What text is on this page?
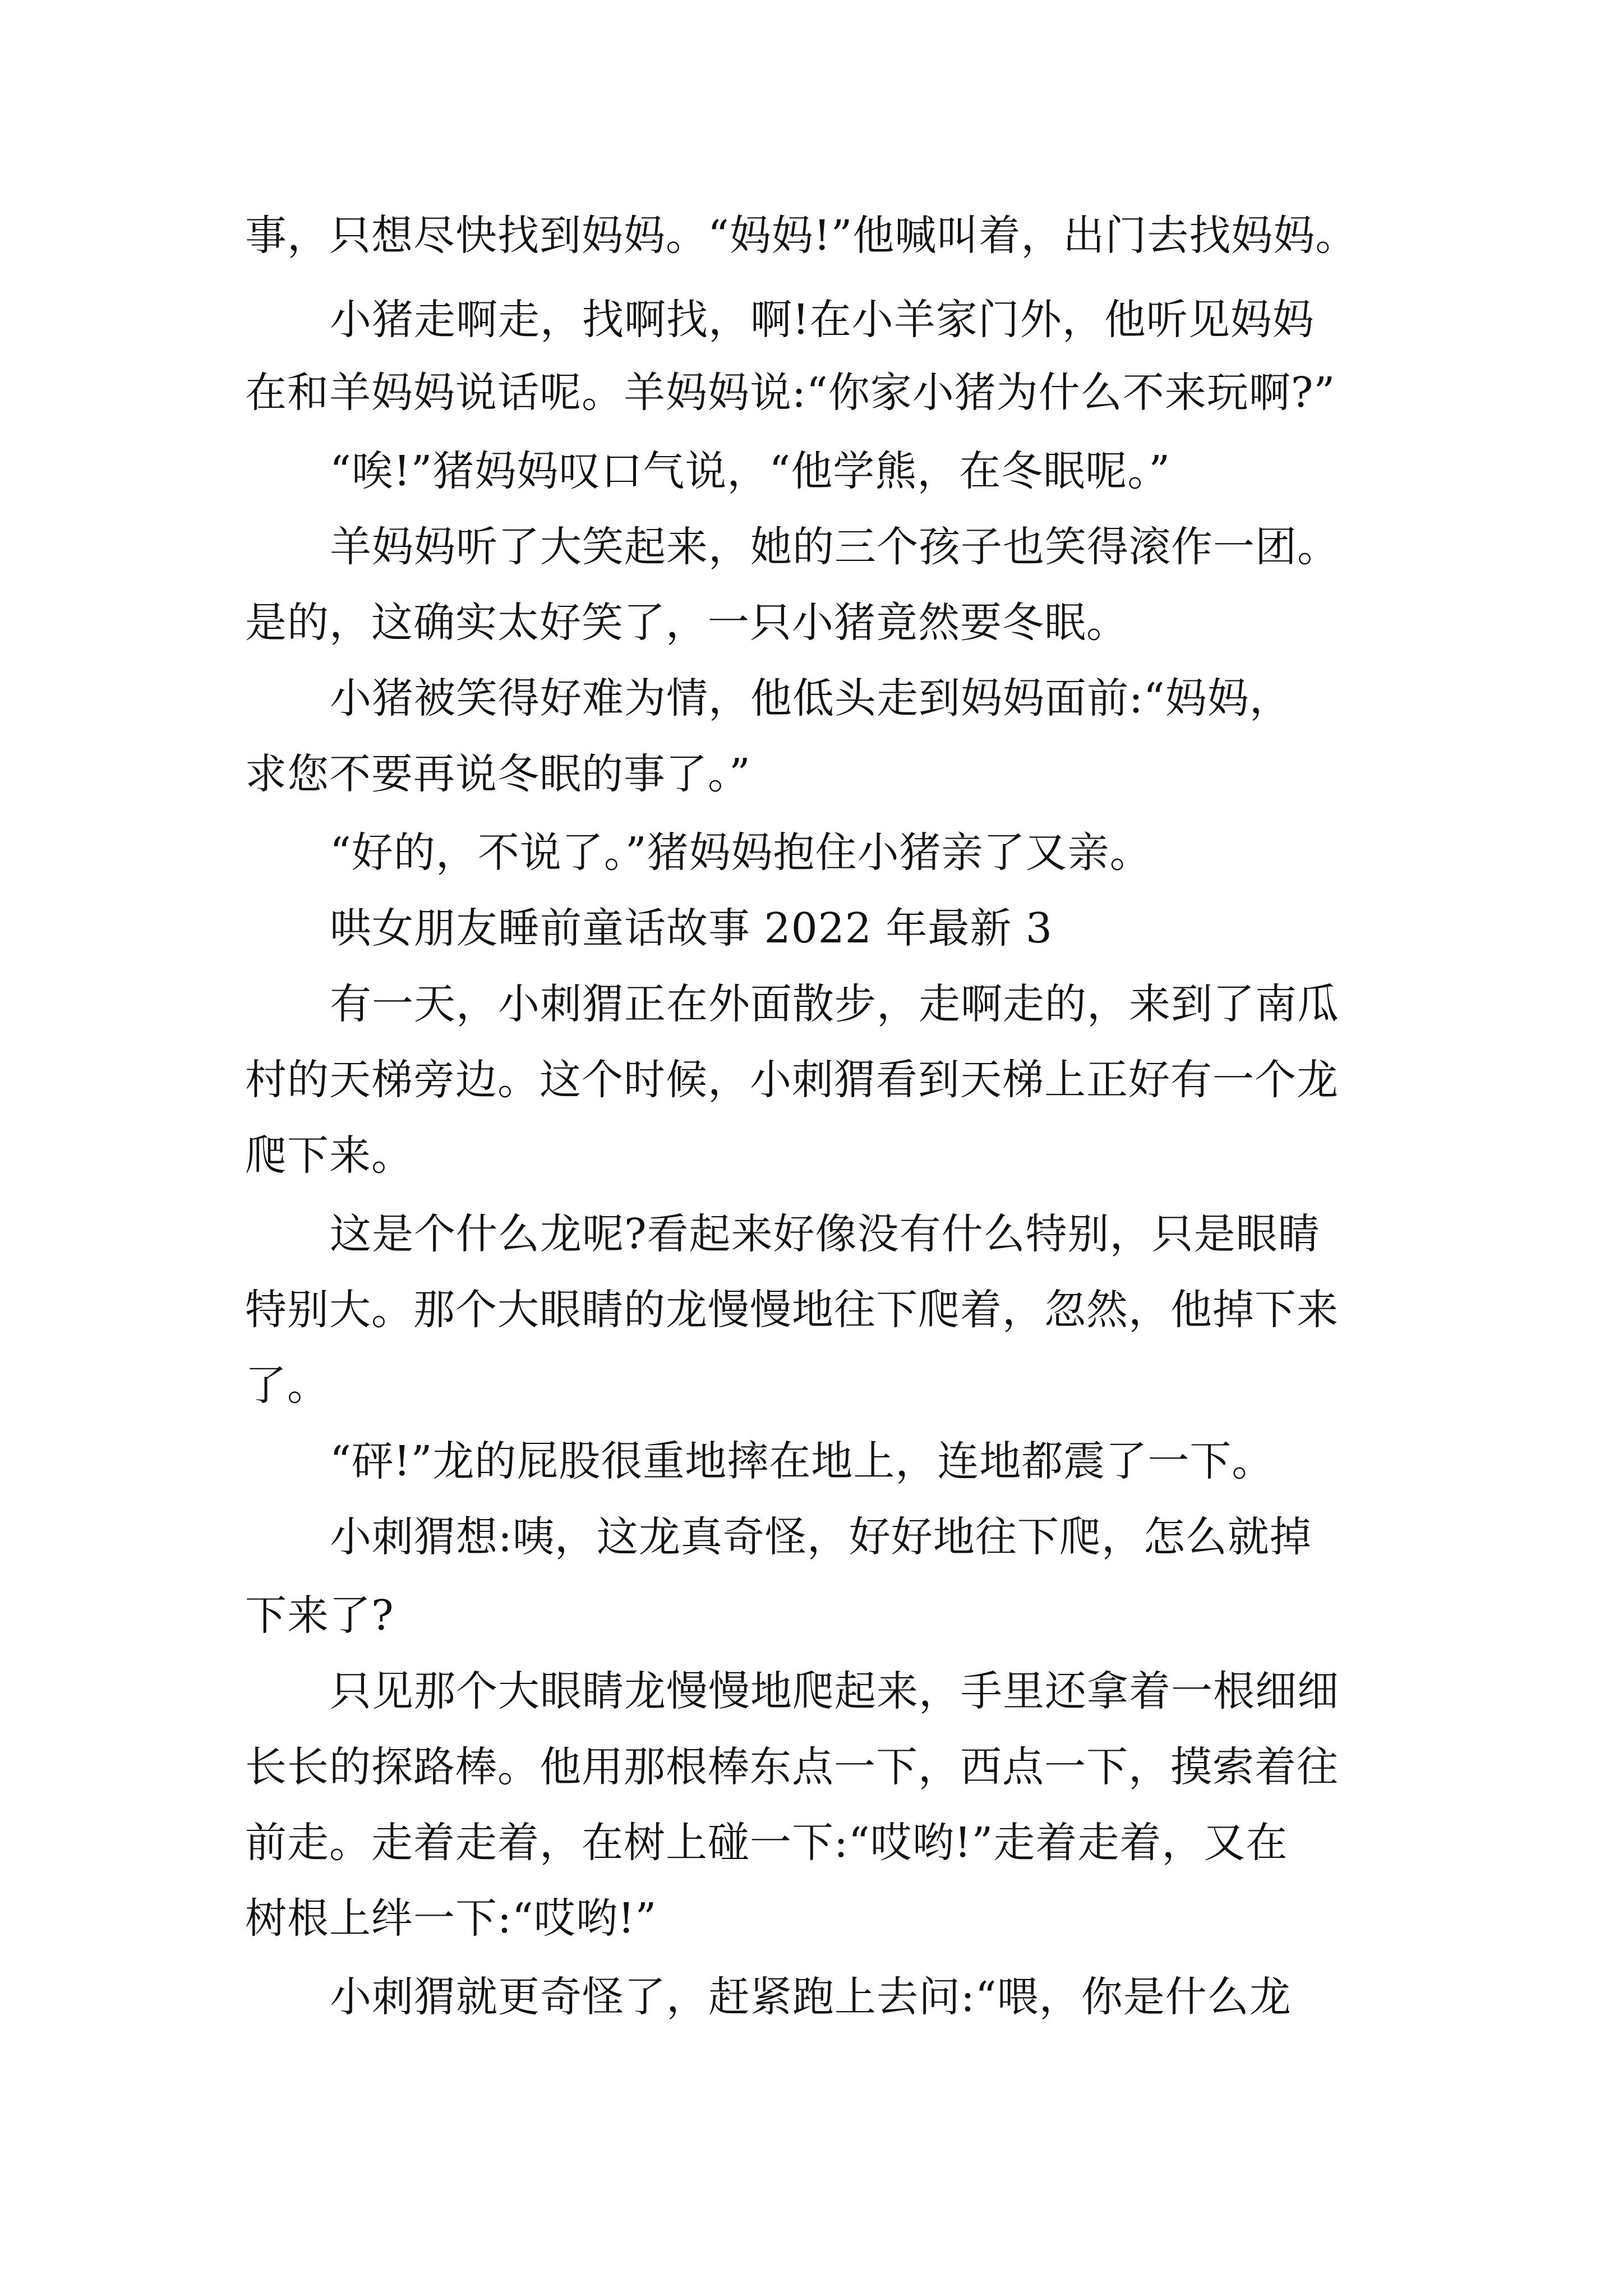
事，只想尽快找到妈妈。“妈妈!”他喊叫着，出门去找妈妈。
小猪走啊走，找啊找，啊!在小羊家门外，他听见妈妈
在和羊妈妈说话呢。羊妈妈说:“你家小猪为什么不来玩啊?”
“唉!”猪妈妈叹口气说，“他学熊，在冬眠呢。”
羊妈妈听了大笑起来，她的三个孩子也笑得滚作一团。
是的，这确实太好笑了，一只小猪竟然要冬眠。
小猪被笑得好难为情，他低头走到妈妈面前:“妈妈，
求您不要再说冬眠的事了。”
“好的，不说了。”猪妈妈抱住小猪亲了又亲。
哄女朋友睡前童话故事 2022 年最新 3
有一天，小刺猬正在外面散步，走啊走的，来到了南瓜
村的天梯旁边。这个时候，小刺猬看到天梯上正好有一个龙
爬下来。
这是个什么龙呢?看起来好像没有什么特别，只是眼睛
特别大。那个大眼睛的龙慢慢地往下爬着，忽然，他掉下来
了。
“砰!”龙的屁股很重地摔在地上，连地都震了一下。
小刺猬想:咦，这龙真奇怪，好好地往下爬，怎么就掉
下来了?
只见那个大眼睛龙慢慢地爬起来，手里还拿着一根细细
长长的探路棒。他用那根棒东点一下，西点一下，摸索着往
前走。走着走着，在树上碰一下:“哎哟!”走着走着，又在
树根上绊一下:“哎哟!”
小刺猬就更奇怪了，赶紧跑上去问:“喂，你是什么龙
